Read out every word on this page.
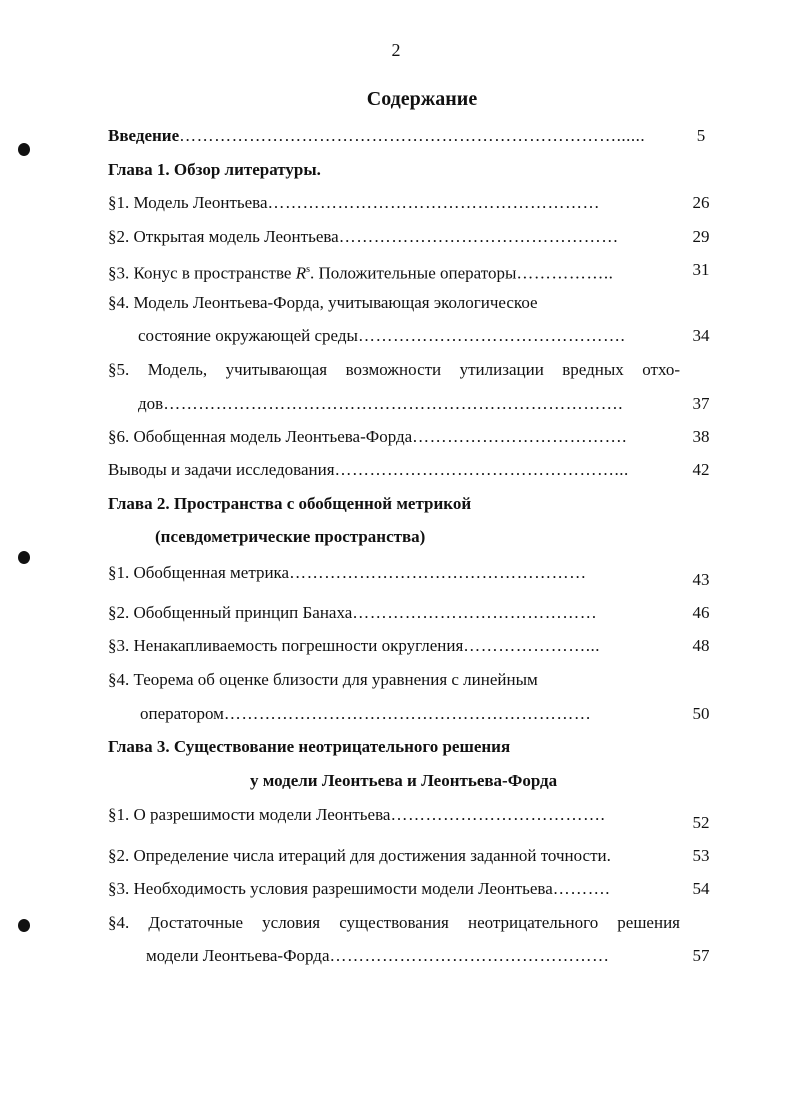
2
Содержание
Введение…………………………………………………………………......	5
Глава 1. Обзор литературы.
§1. Модель Леонтьева…………………………………………………	26
§2. Открытая модель Леонтьева…………………………………………	29
§3. Конус в пространстве $R^s$. Положительные операторы……………..	31
§4. Модель Леонтьева-Форда, учитывающая экологическое
состояние окружающей среды……………………………………….	34
§5. Модель, учитывающая возможности утилизации вредных отхо-
дов…………………………………………………………………….	37
§6. Обобщенная модель Леонтьева-Форда……………………………….	38
Выводы и задачи исследования…………………………………………...	42
Глава 2. Пространства с обобщенной метрикой
(псевдометрические пространства)
§1. Обобщенная метрика……………………………………………	43
§2. Обобщенный принцип Банаха……………………………………	46
§3. Ненакапливаемость погрешности округления…………………...	48
§4. Теорема об оценке близости для уравнения с линейным
оператором………………………………………………………	50
Глава 3. Существование неотрицательного решения
у модели Леонтьева и Леонтьева-Форда
§1. О разрешимости модели Леонтьева……………………………….	52
§2. Определение числа итераций для достижения заданной точности.	53
§3. Необходимость условия разрешимости модели Леонтьева……….	54
§4. Достаточные условия существования неотрицательного решения
модели Леонтьева-Форда…………………………………………	57
